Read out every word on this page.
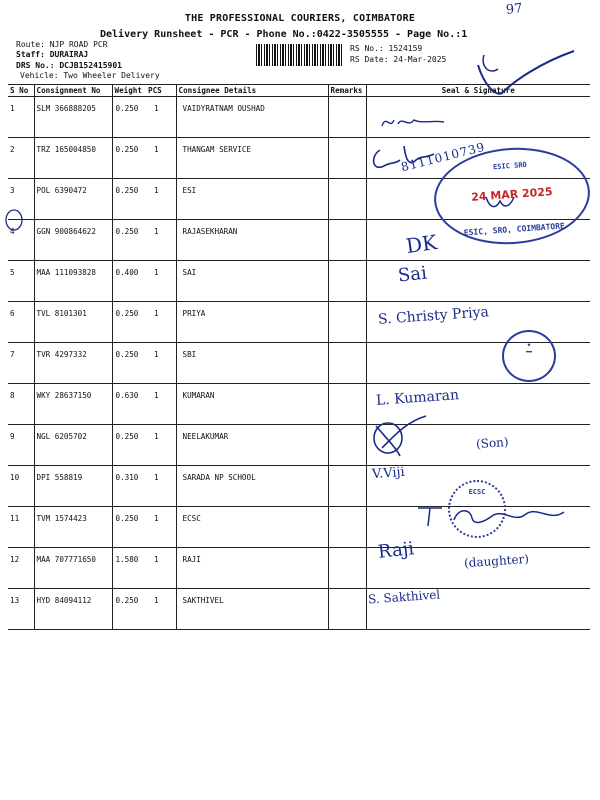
THE PROFESSIONAL COURIERS, COIMBATORE
Delivery Runsheet - PCR - Phone No.:0422-3505555 - Page No.:1
Route: NJP ROAD PCR
Staff: DURAIRAJ
DRS No.: DCJB152415901
Vehicle: Two Wheeler Delivery
RS No.: 1524159
RS Date: 24-Mar-2025
S No	Consignment No	Weight	PCS	Consignee Details	Remarks	Seal & Signature
1	SLM 366888205	0.250	1	VAIDYRATNAM OUSHAD		
2	TRZ 165004850	0.250	1	THANGAM SERVICE		
3	POL 6390472	0.250	1	ESI		
4	GGN 900864622	0.250	1	RAJASEKHARAN		
5	MAA 111093828	0.400	1	SAI		
6	TVL 8101301	0.250	1	PRIYA		
7	TVR 4297332	0.250	1	SBI		
8	WKY 28637150	0.630	1	KUMARAN		
9	NGL 6205702	0.250	1	NEELAKUMAR		
10	DPI 558819	0.310	1	SARADA NP SCHOOL		
11	TVM 1574423	0.250	1	ECSC		
12	MAA 707771650	1.580	1	RAJI		
13	HYD 84094112	0.250	1	SAKTHIVEL		
97
8111010739 ESIC SRO
24 MAR 2025
ESIC, SRO, COIMBATORE
DK
Sai
S. Christy Priya
◆
▬▬
L. Kumaran
(Son)
V.Viji
ECSC
Raji	(daughter)
S. Sakthivel
